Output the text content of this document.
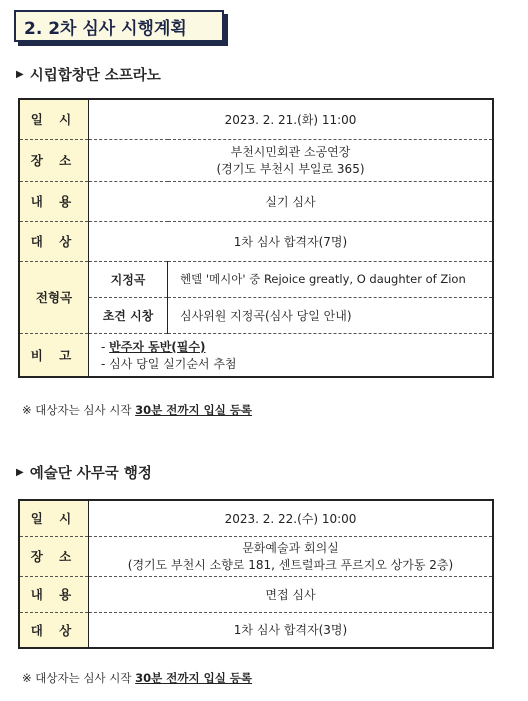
2. 2차 심사 시행계획
▶ 시립합창단 소프라노
일 시	2023. 2. 21.(화) 11:00	
장 소	부천시민회관 소공연장
(경기도 부천시 부일로 365)	

내 용	실기 심사	
대 상	1차 심사 합격자(7명)	
전형곡	지정곡	헨델 '메시아' 중 Rejoice greatly, O daughter of Zion
	초견 시창	심사위원 지정곡(심사 당일 안내)
비 고	- 반주자 동반(필수)
- 심사 당일 실기순서 추첨	
※ 대상자는 심사 시작 30분 전까지 입실 등록
▶ 예술단 사무국 행정
일 시	2023. 2. 22.(수) 10:00
장 소	문화예술과 회의실
(경기도 부천시 소향로 181, 센트럴파크 푸르지오 상가동 2층)

내 용	면접 심사
대 상	1차 심사 합격자(3명)
※ 대상자는 심사 시작 30분 전까지 입실 등록
